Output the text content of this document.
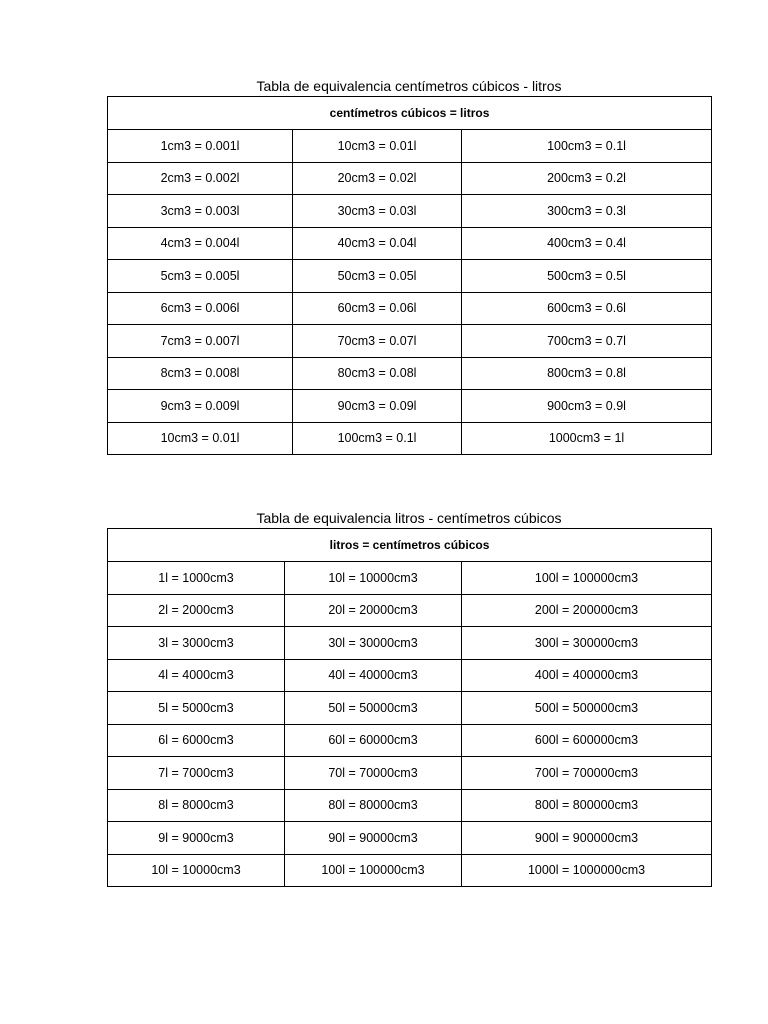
Tabla de equivalencia centímetros cúbicos - litros
centímetros cúbicos = litros		
1cm3 = 0.001l	10cm3 = 0.01l	100cm3 = 0.1l
2cm3 = 0.002l	20cm3 = 0.02l	200cm3 = 0.2l
3cm3 = 0.003l	30cm3 = 0.03l	300cm3 = 0.3l
4cm3 = 0.004l	40cm3 = 0.04l	400cm3 = 0.4l
5cm3 = 0.005l	50cm3 = 0.05l	500cm3 = 0.5l
6cm3 = 0.006l	60cm3 = 0.06l	600cm3 = 0.6l
7cm3 = 0.007l	70cm3 = 0.07l	700cm3 = 0.7l
8cm3 = 0.008l	80cm3 = 0.08l	800cm3 = 0.8l
9cm3 = 0.009l	90cm3 = 0.09l	900cm3 = 0.9l
10cm3 = 0.01l	100cm3 = 0.1l	1000cm3 = 1l
Tabla de equivalencia litros - centímetros cúbicos
litros = centímetros cúbicos		
1l = 1000cm3	10l = 10000cm3	100l = 100000cm3
2l = 2000cm3	20l = 20000cm3	200l = 200000cm3
3l = 3000cm3	30l = 30000cm3	300l = 300000cm3
4l = 4000cm3	40l = 40000cm3	400l = 400000cm3
5l = 5000cm3	50l = 50000cm3	500l = 500000cm3
6l = 6000cm3	60l = 60000cm3	600l = 600000cm3
7l = 7000cm3	70l = 70000cm3	700l = 700000cm3
8l = 8000cm3	80l = 80000cm3	800l = 800000cm3
9l = 9000cm3	90l = 90000cm3	900l = 900000cm3
10l = 10000cm3	100l = 100000cm3	1000l = 1000000cm3
